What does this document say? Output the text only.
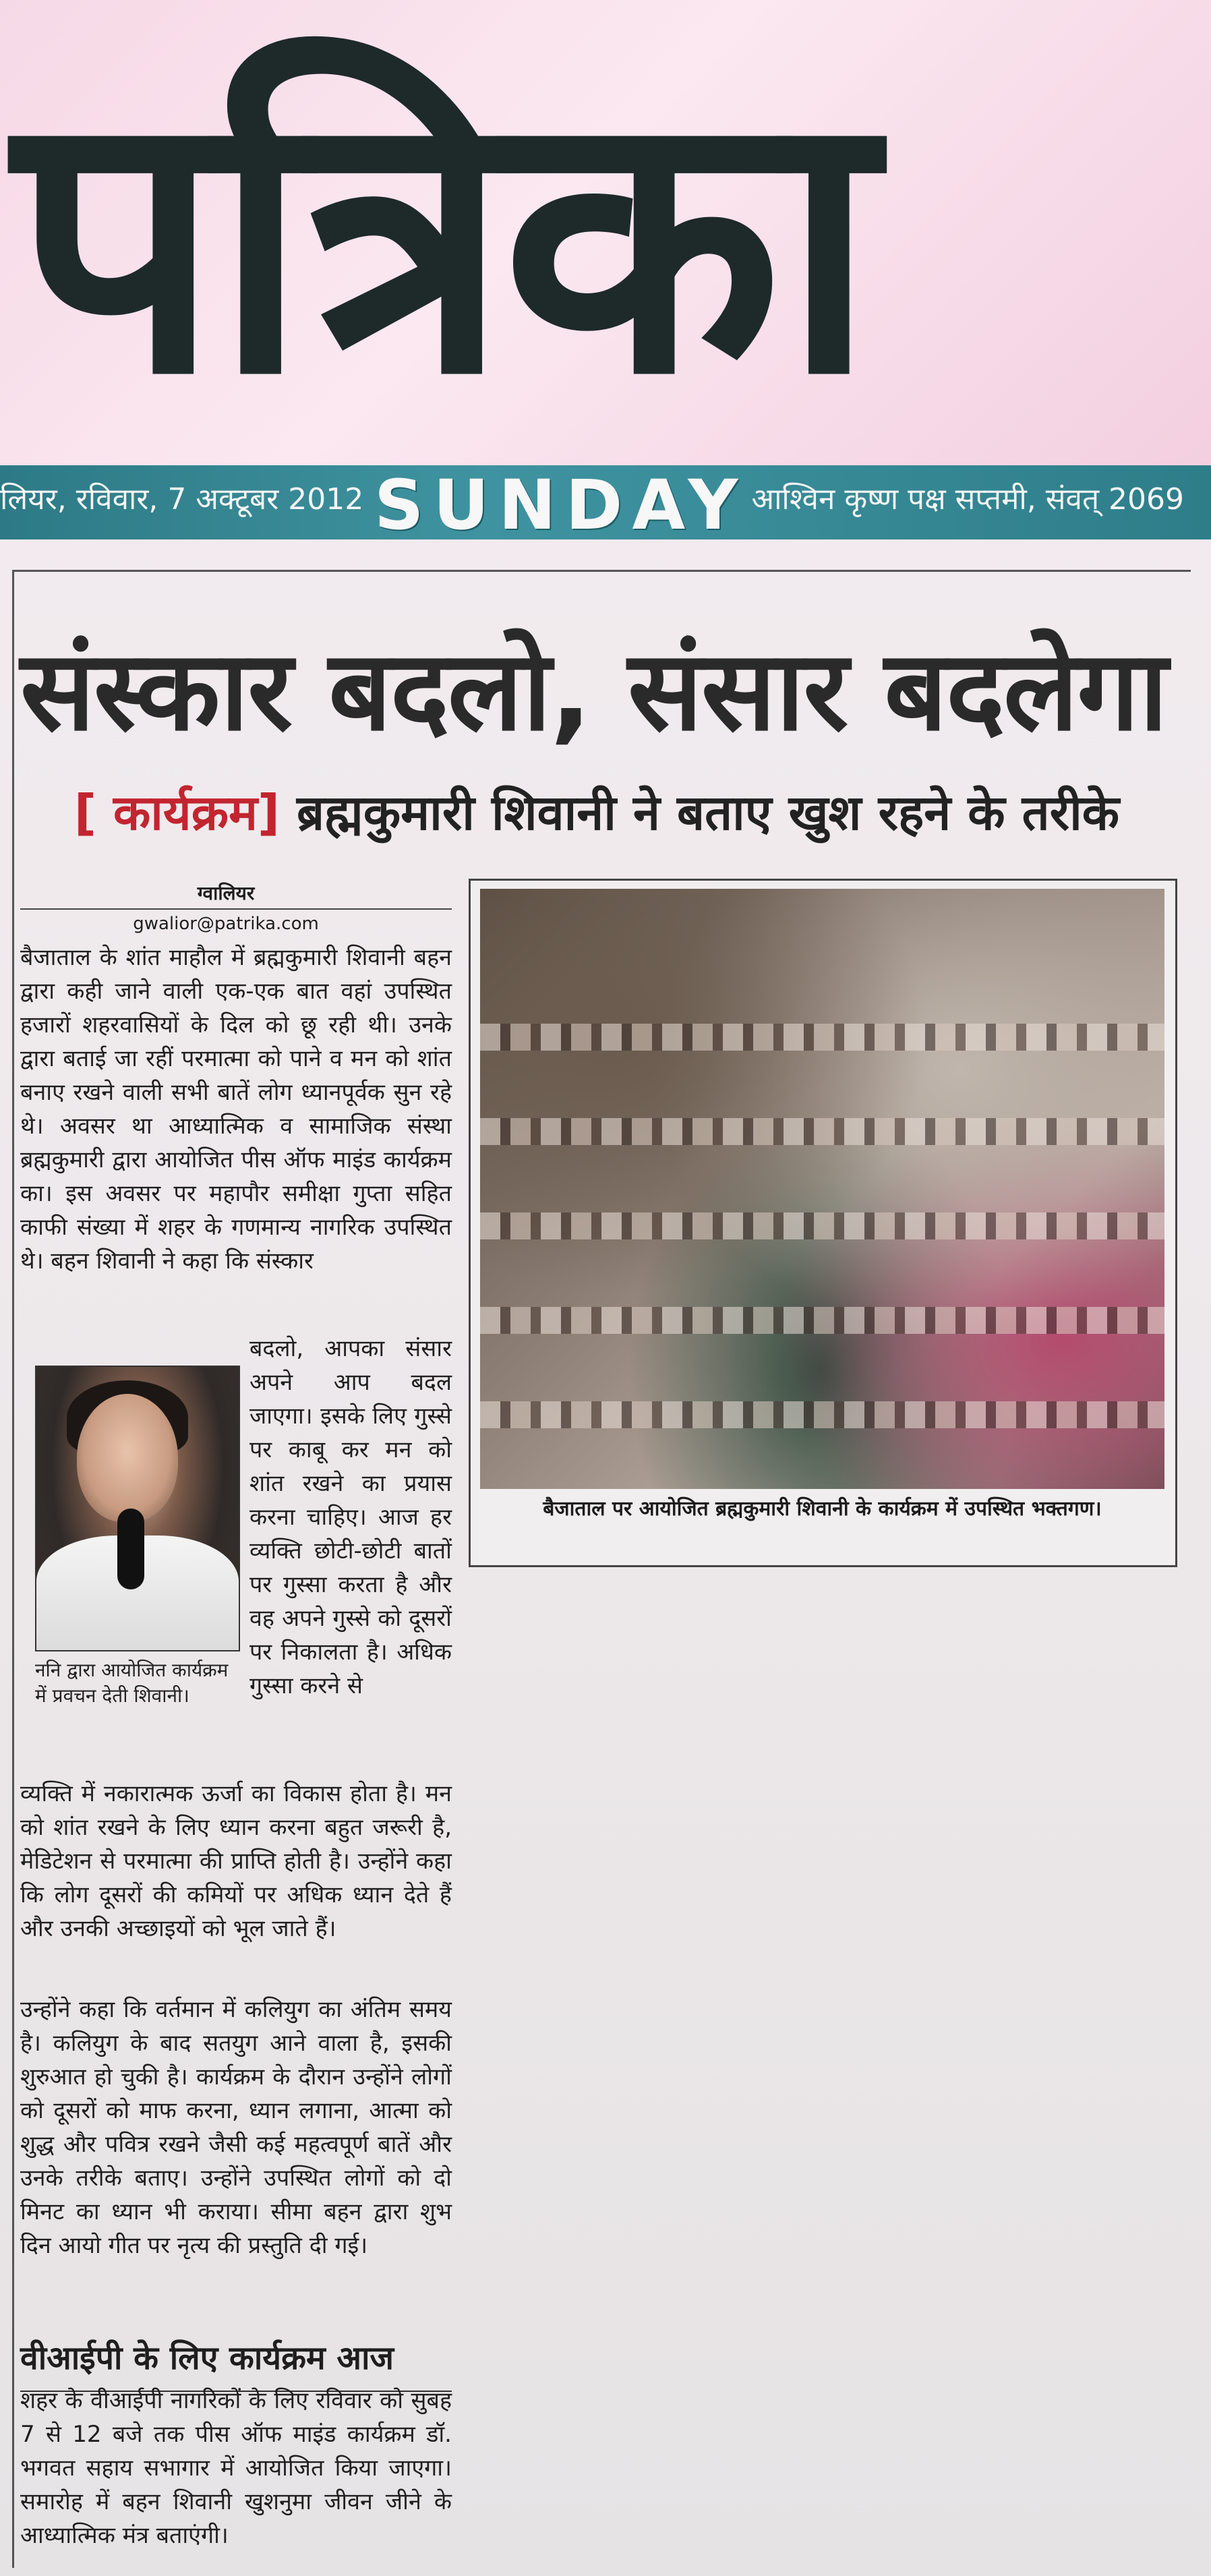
पत्रिका
लियर, रविवार, 7 अक्टूबर 2012 SUNDAY आश्विन कृष्ण पक्ष सप्तमी, संवत् 2069
संस्कार बदलो, संसार बदलेगा
[ कार्यक्रम] ब्रह्मकुमारी शिवानी ने बताए खुश रहने के तरीके
ग्वालियर
gwalior@patrika.com
बैजाताल के शांत माहौल में ब्रह्मकुमारी शिवानी बहन द्वारा कही जाने वाली एक-एक बात वहां उपस्थित हजारों शहरवासियों के दिल को छू रही थी। उनके द्वारा बताई जा रहीं परमात्मा को पाने व मन को शांत बनाए रखने वाली सभी बातें लोग ध्यानपूर्वक सुन रहे थे। अवसर था आध्यात्मिक व सामाजिक संस्था ब्रह्मकुमारी द्वारा आयोजित पीस ऑफ माइंड कार्यक्रम का। इस अवसर पर महापौर समीक्षा गुप्ता सहित काफी संख्या में शहर के गणमान्य नागरिक उपस्थित थे। बहन शिवानी ने कहा कि संस्कार
बदलो, आपका संसार अपने आप बदल जाएगा। इसके लिए गुस्से पर काबू कर मन को शांत रखने का प्रयास करना चाहिए। आज हर व्यक्ति छोटी-छोटी बातों पर गुस्सा करता है और वह अपने गुस्से को दूसरों पर निकालता है। अधिक गुस्सा करने से
ननि द्वारा आयोजित कार्यक्रम में प्रवचन देती शिवानी।
व्यक्ति में नकारात्मक ऊर्जा का विकास होता है। मन को शांत रखने के लिए ध्यान करना बहुत जरूरी है, मेडिटेशन से परमात्मा की प्राप्ति होती है। उन्होंने कहा कि लोग दूसरों की कमियों पर अधिक ध्यान देते हैं और उनकी अच्छाइयों को भूल जाते हैं।
उन्होंने कहा कि वर्तमान में कलियुग का अंतिम समय है। कलियुग के बाद सतयुग आने वाला है, इसकी शुरुआत हो चुकी है। कार्यक्रम के दौरान उन्होंने लोगों को दूसरों को माफ करना, ध्यान लगाना, आत्मा को शुद्ध और पवित्र रखने जैसी कई महत्वपूर्ण बातें और उनके तरीके बताए। उन्होंने उपस्थित लोगों को दो मिनट का ध्यान भी कराया। सीमा बहन द्वारा शुभ दिन आयो गीत पर नृत्य की प्रस्तुति दी गई।
वीआईपी के लिए कार्यक्रम आज
शहर के वीआईपी नागरिकों के लिए रविवार को सुबह 7 से 12 बजे तक पीस ऑफ माइंड कार्यक्रम डॉ. भगवत सहाय सभागार में आयोजित किया जाएगा। समारोह में बहन शिवानी खुशनुमा जीवन जीने के आध्यात्मिक मंत्र बताएंगी।
बैजाताल पर आयोजित ब्रह्मकुमारी शिवानी के कार्यक्रम में उपस्थित भक्तगण।
